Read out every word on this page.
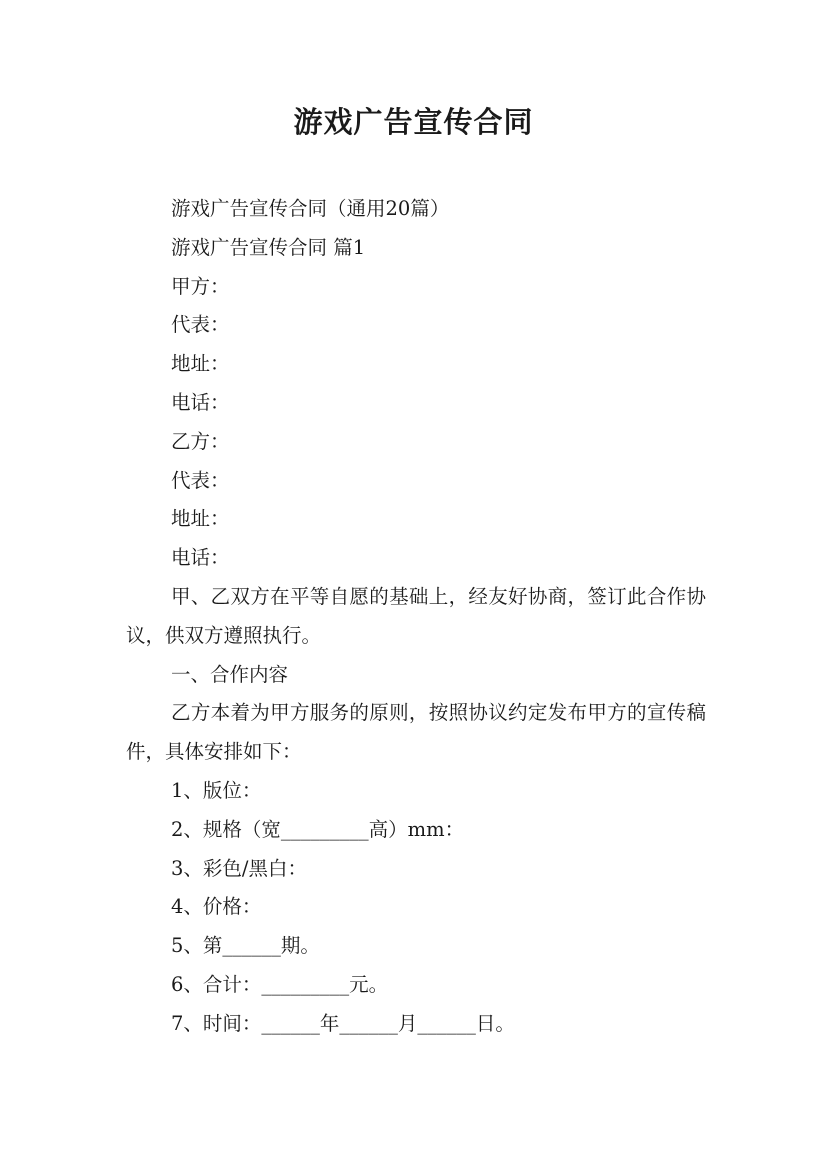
游戏广告宣传合同

游戏广告宣传合同（通用20篇）

游戏广告宣传合同 篇1

甲方：

代表：

地址：

电话：

乙方：

代表：

地址：

电话：

甲、乙双方在平等自愿的基础上，经友好协商，签订此合作协议，供双方遵照执行。

一、合作内容

乙方本着为甲方服务的原则，按照协议约定发布甲方的宣传稿件，具体安排如下：

1、版位：

2、规格（宽_________高）mm：

3、彩色/黑白：

4、价格：

5、第______期。

6、合计：_________元。

7、时间：______年______月______日。
